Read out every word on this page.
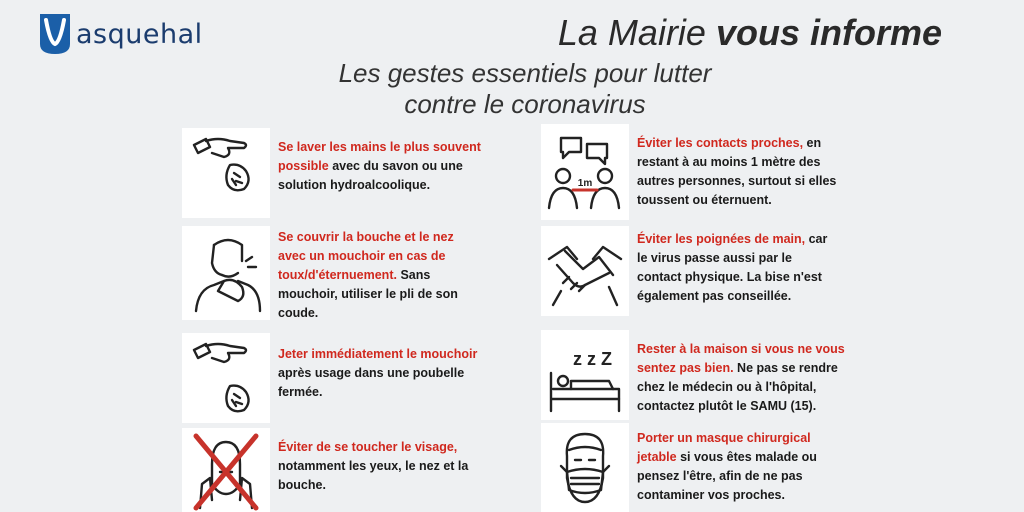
asquehal	La Mairie vous informe
Les gestes essentiels pour lutter
contre le coronavirus
Se laver les mains le plus souvent possible avec du savon ou une solution hydroalcoolique.
Se couvrir la bouche et le nez avec un mouchoir en cas de toux/d'éternuement. Sans mouchoir, utiliser le pli de son coude.
Jeter immédiatement le mouchoir après usage dans une poubelle fermée.
Éviter de se toucher le visage, notamment les yeux, le nez et la bouche.
1m
Éviter les contacts proches, en restant à au moins 1 mètre des autres personnes, surtout si elles toussent ou éternuent.
Éviter les poignées de main, car le virus passe aussi par le contact physique. La bise n'est également pas conseillée.
z z Z Rester à la maison si vous ne vous sentez pas bien. Ne pas se rendre chez le médecin ou à l'hôpital, contactez plutôt le SAMU (15).
Porter un masque chirurgical jetable si vous êtes malade ou pensez l'être, afin de ne pas contaminer vos proches.
